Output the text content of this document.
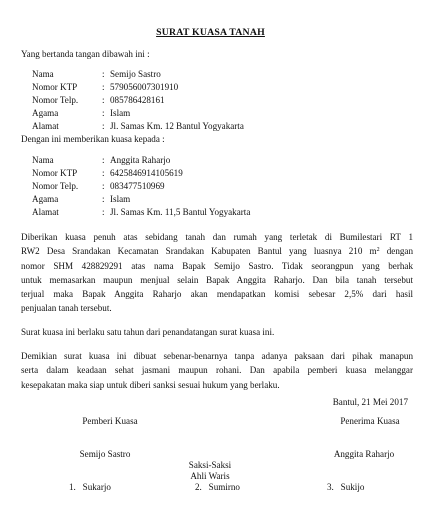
SURAT KUASA TANAH
Yang bertanda tangan dibawah ini :
Nama	: Semijo Sastro
Nomor KTP	: 579056007301910
Nomor Telp.	: 085786428161
Agama	: Islam
Alamat	: Jl. Samas Km. 12 Bantul Yogyakarta
Dengan ini memberikan kuasa kepada :
Nama	: Anggita Raharjo
Nomor KTP	: 6425846914105619
Nomor Telp.	: 083477510969
Agama	: Islam
Alamat	: Jl. Samas Km. 11,5 Bantul Yogyakarta
Diberikan kuasa penuh atas sebidang tanah dan rumah yang terletak di Bumilestari RT 1
RW2 Desa Srandakan Kecamatan Srandakan Kabupaten Bantul yang luasnya 210 $m^2$ dengan
nomor SHM 428829291 atas nama Bapak Semijo Sastro. Tidak seorangpun yang berhak
untuk memasarkan maupun menjual selain Bapak Anggita Raharjo. Dan bila tanah tersebut
terjual maka Bapak Anggita Raharjo akan mendapatkan komisi sebesar 2,5% dari hasil
penjualan tanah tersebut.
Surat kuasa ini berlaku satu tahun dari penandatangan surat kuasa ini.
Demikian surat kuasa ini dibuat sebenar-benarnya tanpa adanya paksaan dari pihak manapun
serta dalam keadaan sehat jasmani maupun rohani. Dan apabila pemberi kuasa melanggar
kesepakatan maka siap untuk diberi sanksi sesuai hukum yang berlaku.
Bantul, 21 Mei 2017
Pemberi Kuasa	Penerima Kuasa
Semijo Sastro	Anggita Raharjo
Saksi-Saksi
Ahli Waris
1. Sukarjo	2. Sumirno	3. Sukijo
